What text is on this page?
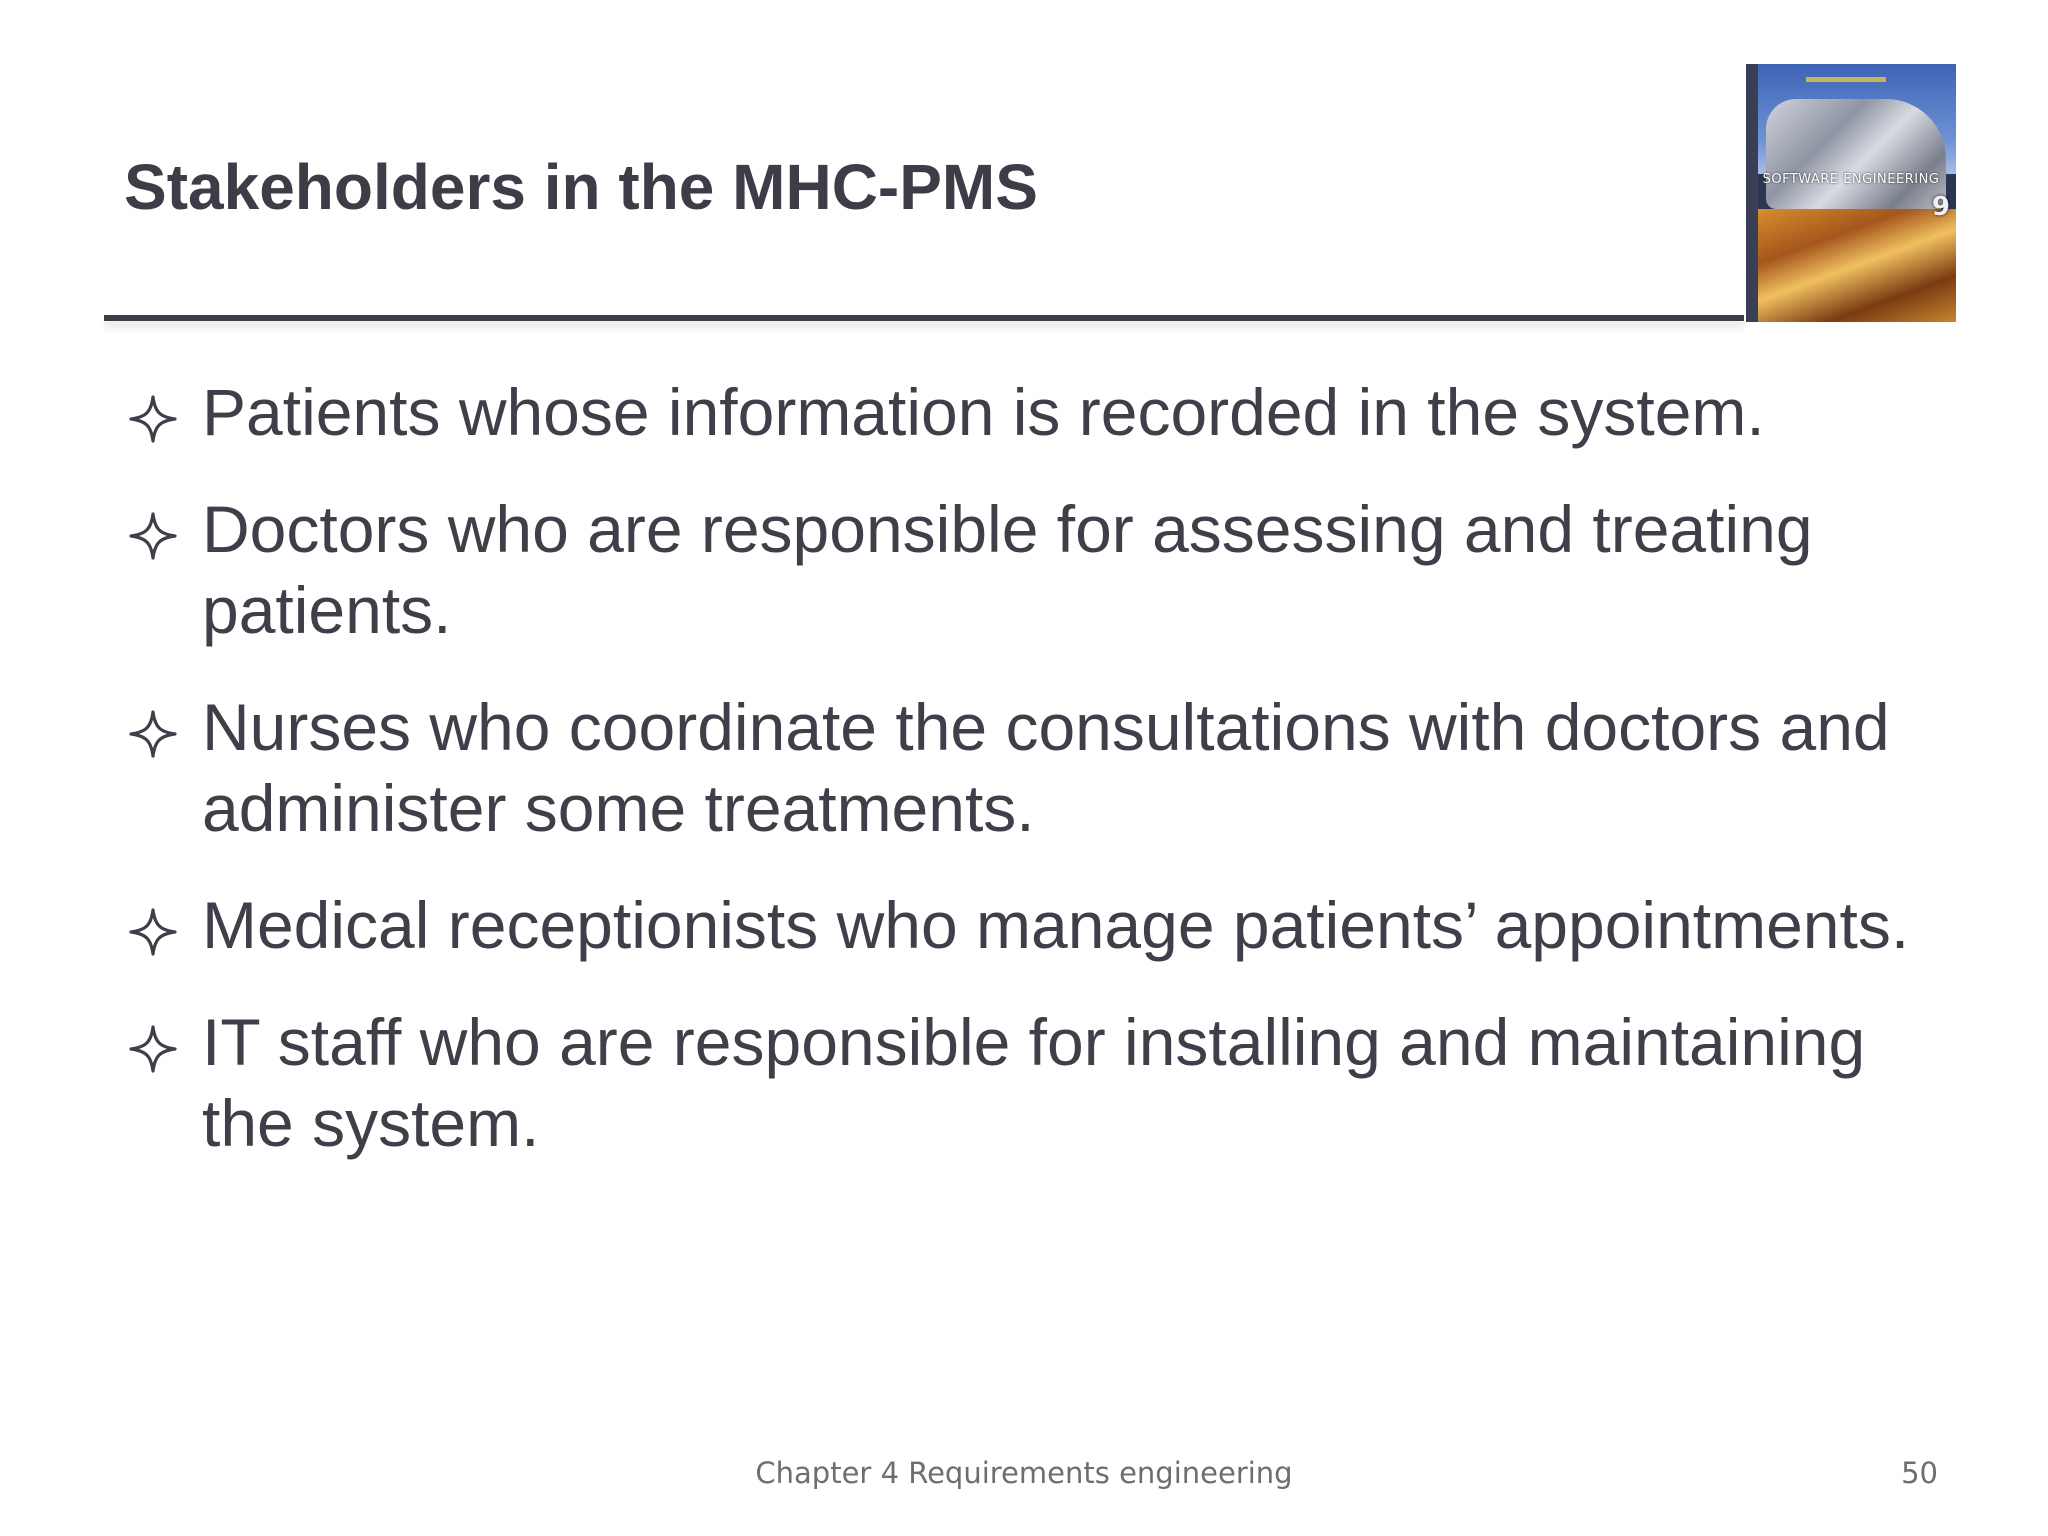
Stakeholders in the MHC-PMS	SOFTWARE ENGINEERING
9
Patients whose information is recorded in the system.
Doctors who are responsible for assessing and treating patients.
Nurses who coordinate the consultations with doctors and administer some treatments.
Medical receptionists who manage patients’ appointments.
IT staff who are responsible for installing and maintaining the system.
Chapter 4 Requirements engineering	50
